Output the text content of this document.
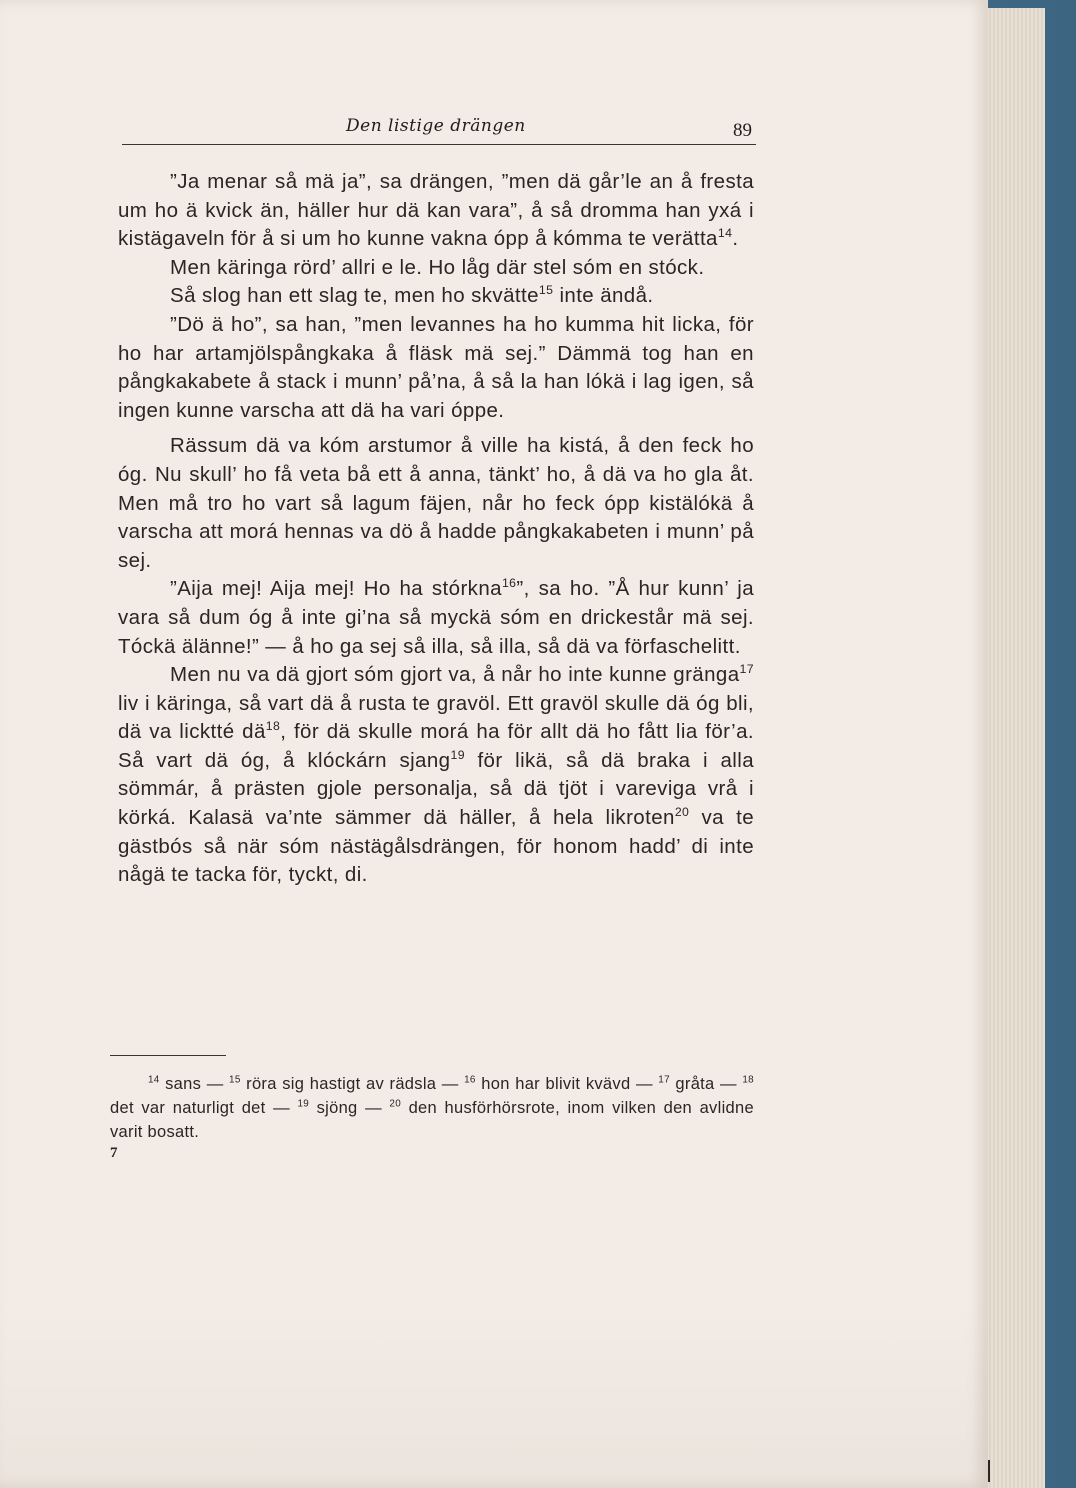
Den listige drängen	89

”Ja menar så mä ja”, sa drängen, ”men dä går’le an å fresta um ho ä kvick än, häller hur dä kan vara”, å så dromma han yxá i kistägaveln för å si um ho kunne vakna ópp å kómma te verätta$^{14}$.

Men käringa rörd’ allri e le. Ho låg där stel sóm en stóck.

Så slog han ett slag te, men ho skvätte$^{15}$ inte ändå.

”Dö ä ho”, sa han, ”men levannes ha ho kumma hit licka, för ho har artamjölspångkaka å fläsk mä sej.” Dämmä tog han en pångkakabete å stack i munn’ på’na, å så la han lókä i lag igen, så ingen kunne varscha att dä ha vari óppe.

Rässum dä va kóm arstumor å ville ha kistá, å den feck ho óg. Nu skull’ ho få veta bå ett å anna, tänkt’ ho, å dä va ho gla åt. Men må tro ho vart så lagum fäjen, når ho feck ópp kistälókä å varscha att morá hennas va dö å hadde pångkakabeten i munn’ på sej.

”Aija mej! Aija mej! Ho ha stórkna$^{16}$”, sa ho. ”Å hur kunn’ ja vara så dum óg å inte gi’na så myckä sóm en drickestår mä sej. Tóckä älänne!” — å ho ga sej så illa, så illa, så dä va förfaschelitt.

Men nu va dä gjort sóm gjort va, å når ho inte kunne gränga$^{17}$ liv i käringa, så vart dä å rusta te gravöl. Ett gravöl skulle dä óg bli, dä va licktté $dä^{18}$, för dä skulle morá ha för allt dä ho fått lia för’a. Så vart dä óg, å klóckárn sjang$^{19}$ för likä, så dä braka i alla sömmár, å prästen gjole personalja, så dä tjöt i vareviga vrå i körká. Kalasä va’nte sämmer dä häller, å hela likroten$^{20}$ va te gästbós så när sóm nästägålsdrängen, för honom hadd’ di inte någä te tacka för, tyckt, di.

$^{14}$ sans — $^{15}$ röra sig hastigt av rädsla — $^{16}$ hon har blivit kvävd — $^{17}$ gråta — $^{18}$ det var naturligt det — $^{19}$ sjöng — $^{20}$ den husförhörsrote, inom vilken den avlidne varit bosatt.

7
